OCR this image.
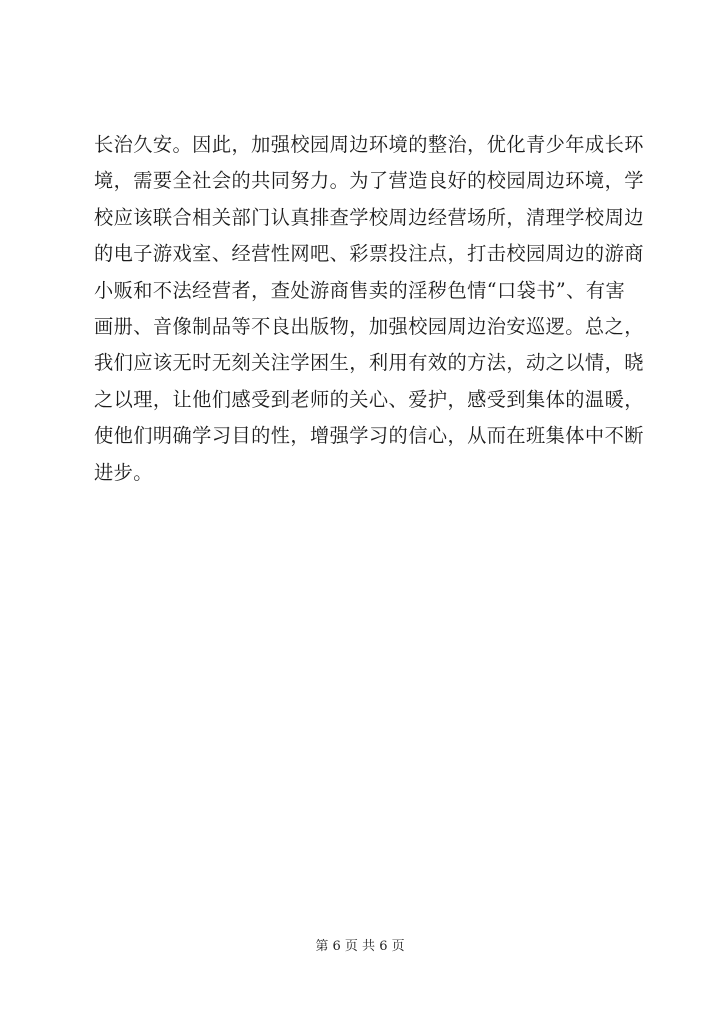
长治久安。因此，加强校园周边环境的整治，优化青少年成长环
境，需要全社会的共同努力。为了营造良好的校园周边环境，学
校应该联合相关部门认真排查学校周边经营场所，清理学校周边
的电子游戏室、经营性网吧、彩票投注点，打击校园周边的游商
小贩和不法经营者，查处游商售卖的淫秽色情“口袋书”、有害
画册、音像制品等不良出版物，加强校园周边治安巡逻。总之，
我们应该无时无刻关注学困生，利用有效的方法，动之以情，晓
之以理，让他们感受到老师的关心、爱护，感受到集体的温暖，
使他们明确学习目的性，增强学习的信心，从而在班集体中不断
进步。
第 6 页 共 6 页
